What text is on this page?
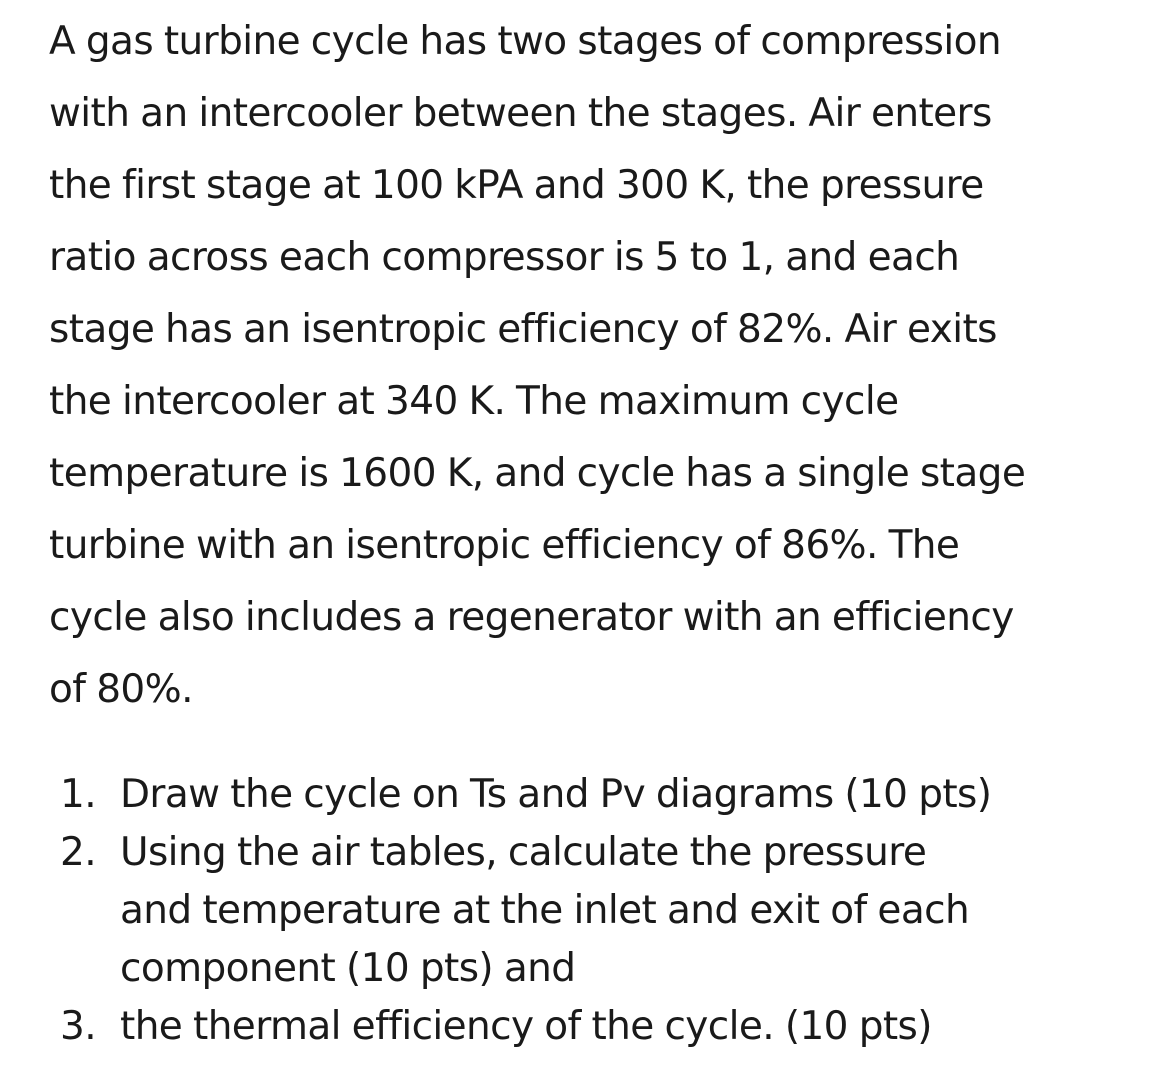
A gas turbine cycle has two stages of compression
with an intercooler between the stages. Air enters
the first stage at 100 kPA and 300 K, the pressure
ratio across each compressor is 5 to 1, and each
stage has an isentropic efficiency of 82%. Air exits
the intercooler at 340 K. The maximum cycle
temperature is 1600 K, and cycle has a single stage
turbine with an isentropic efficiency of 86%. The
cycle also includes a regenerator with an efficiency
of 80%.

1. Draw the cycle on Ts and Pv diagrams (10 pts)
2. Using the air tables, calculate the pressure
and temperature at the inlet and exit of each
component (10 pts) and
3. the thermal efficiency of the cycle. (10 pts)
